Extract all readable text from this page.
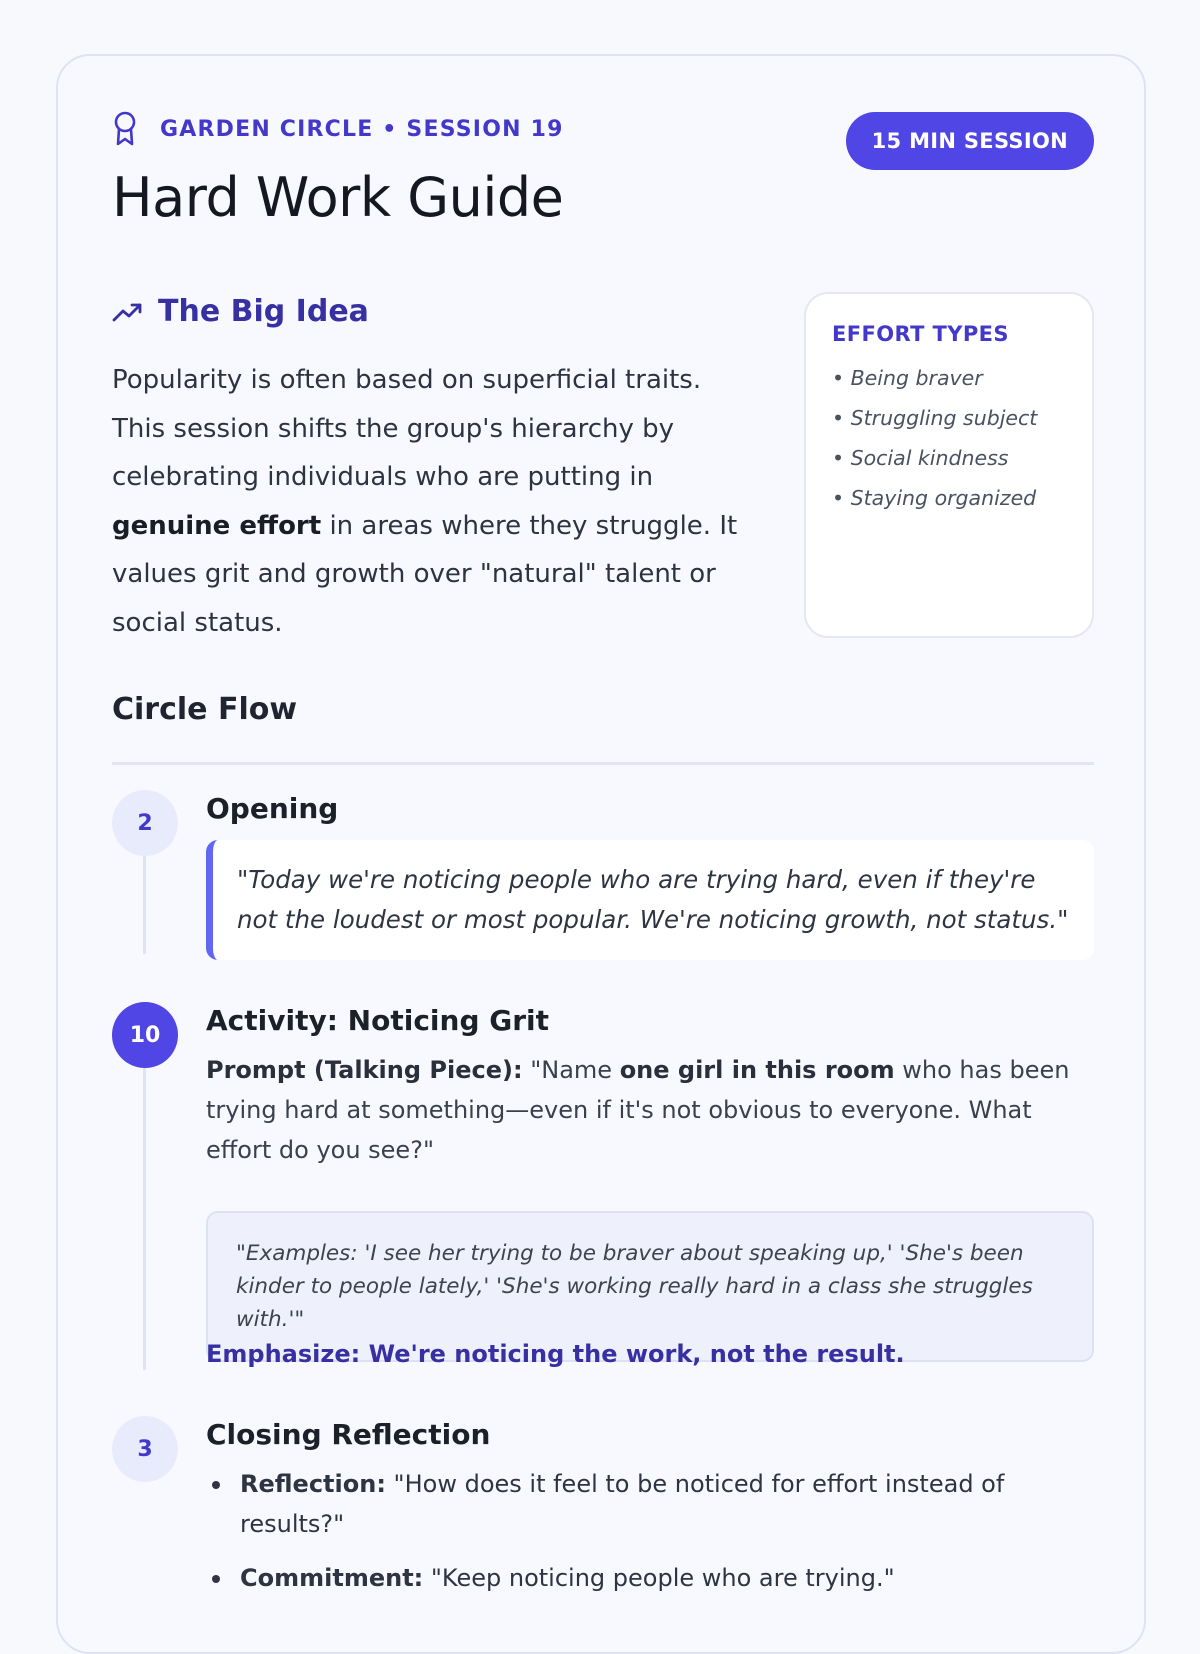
GARDEN CIRCLE • SESSION 19	15 MIN SESSION
Hard Work Guide
The Big Idea

Popularity is often based on superficial traits. This session shifts the group's hierarchy by celebrating individuals who are putting in genuine effort in areas where they struggle. It values grit and growth over "natural" talent or social status.

EFFORT TYPES
• Being braver
• Struggling subject
• Social kindness
• Staying organized
Circle Flow
2	Opening
"Today we're noticing people who are trying hard, even if they're not the loudest or most popular. We're noticing growth, not status."
10	Activity: Noticing Grit

Prompt (Talking Piece): "Name one girl in this room who has been trying hard at something—even if it's not obvious to everyone. What effort do you see?"

"Examples: 'I see her trying to be braver about speaking up,' 'She's been kinder to people lately,' 'She's working really hard in a class she struggles with.'"
Emphasize: We're noticing the work, not the result.
3	Closing Reflection
Reflection: "How does it feel to be noticed for effort instead of results?"
Commitment: "Keep noticing people who are trying."
